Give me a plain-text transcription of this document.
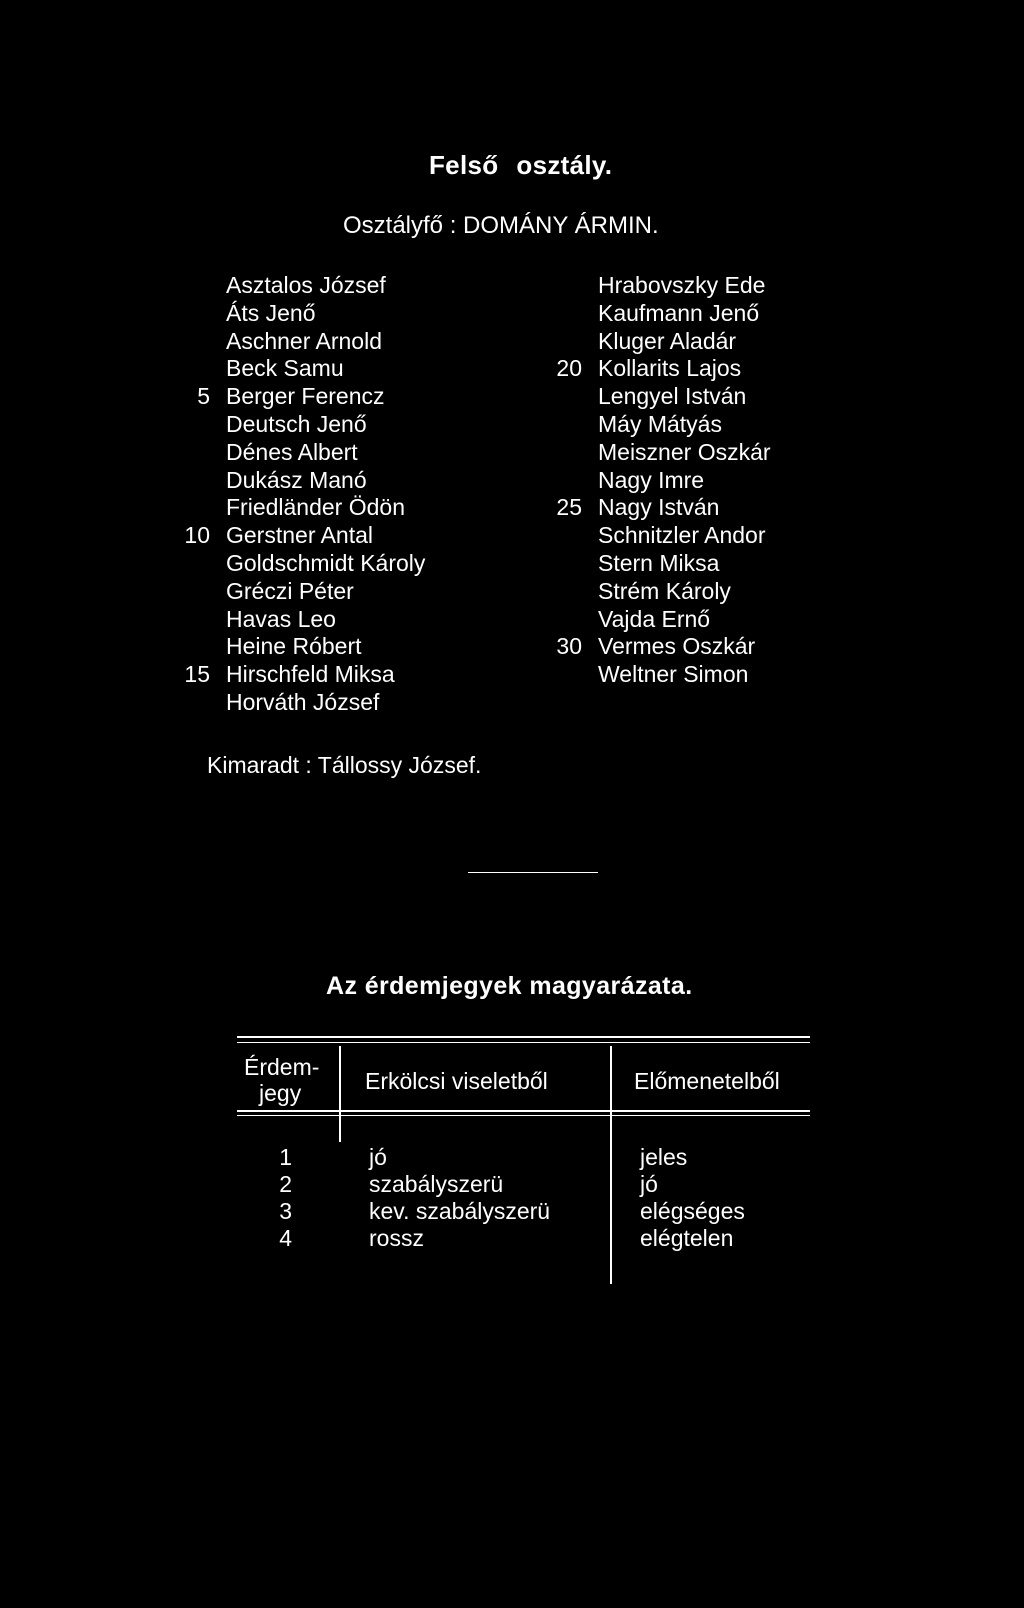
Felső osztály.
Osztályfő : DOMÁNY ÁRMIN.
Asztalos József
Áts Jenő
Aschner Arnold
Beck Samu
5 Berger Ferencz
Deutsch Jenő
Dénes Albert
Dukász Manó
Friedländer Ödön
10 Gerstner Antal
Goldschmidt Károly
Gréczi Péter
Havas Leo
Heine Róbert
15 Hirschfeld Miksa
Horváth József
Hrabovszky Ede
Kaufmann Jenő
Kluger Aladár
20 Kollarits Lajos
Lengyel István
Máy Mátyás
Meiszner Oszkár
Nagy Imre
25 Nagy István
Schnitzler Andor
Stern Miksa
Strém Károly
Vajda Ernő
30 Vermes Oszkár
Weltner Simon
Kimaradt : Tállossy József.
Az érdemjegyek magyarázata.
Érdem-
jegy	Erkölcsi viseletből	Előmenetelből
1	jó	jeles
2	szabályszerü	jó
3	kev. szabályszerü	elégséges
4	rossz	elégtelen
